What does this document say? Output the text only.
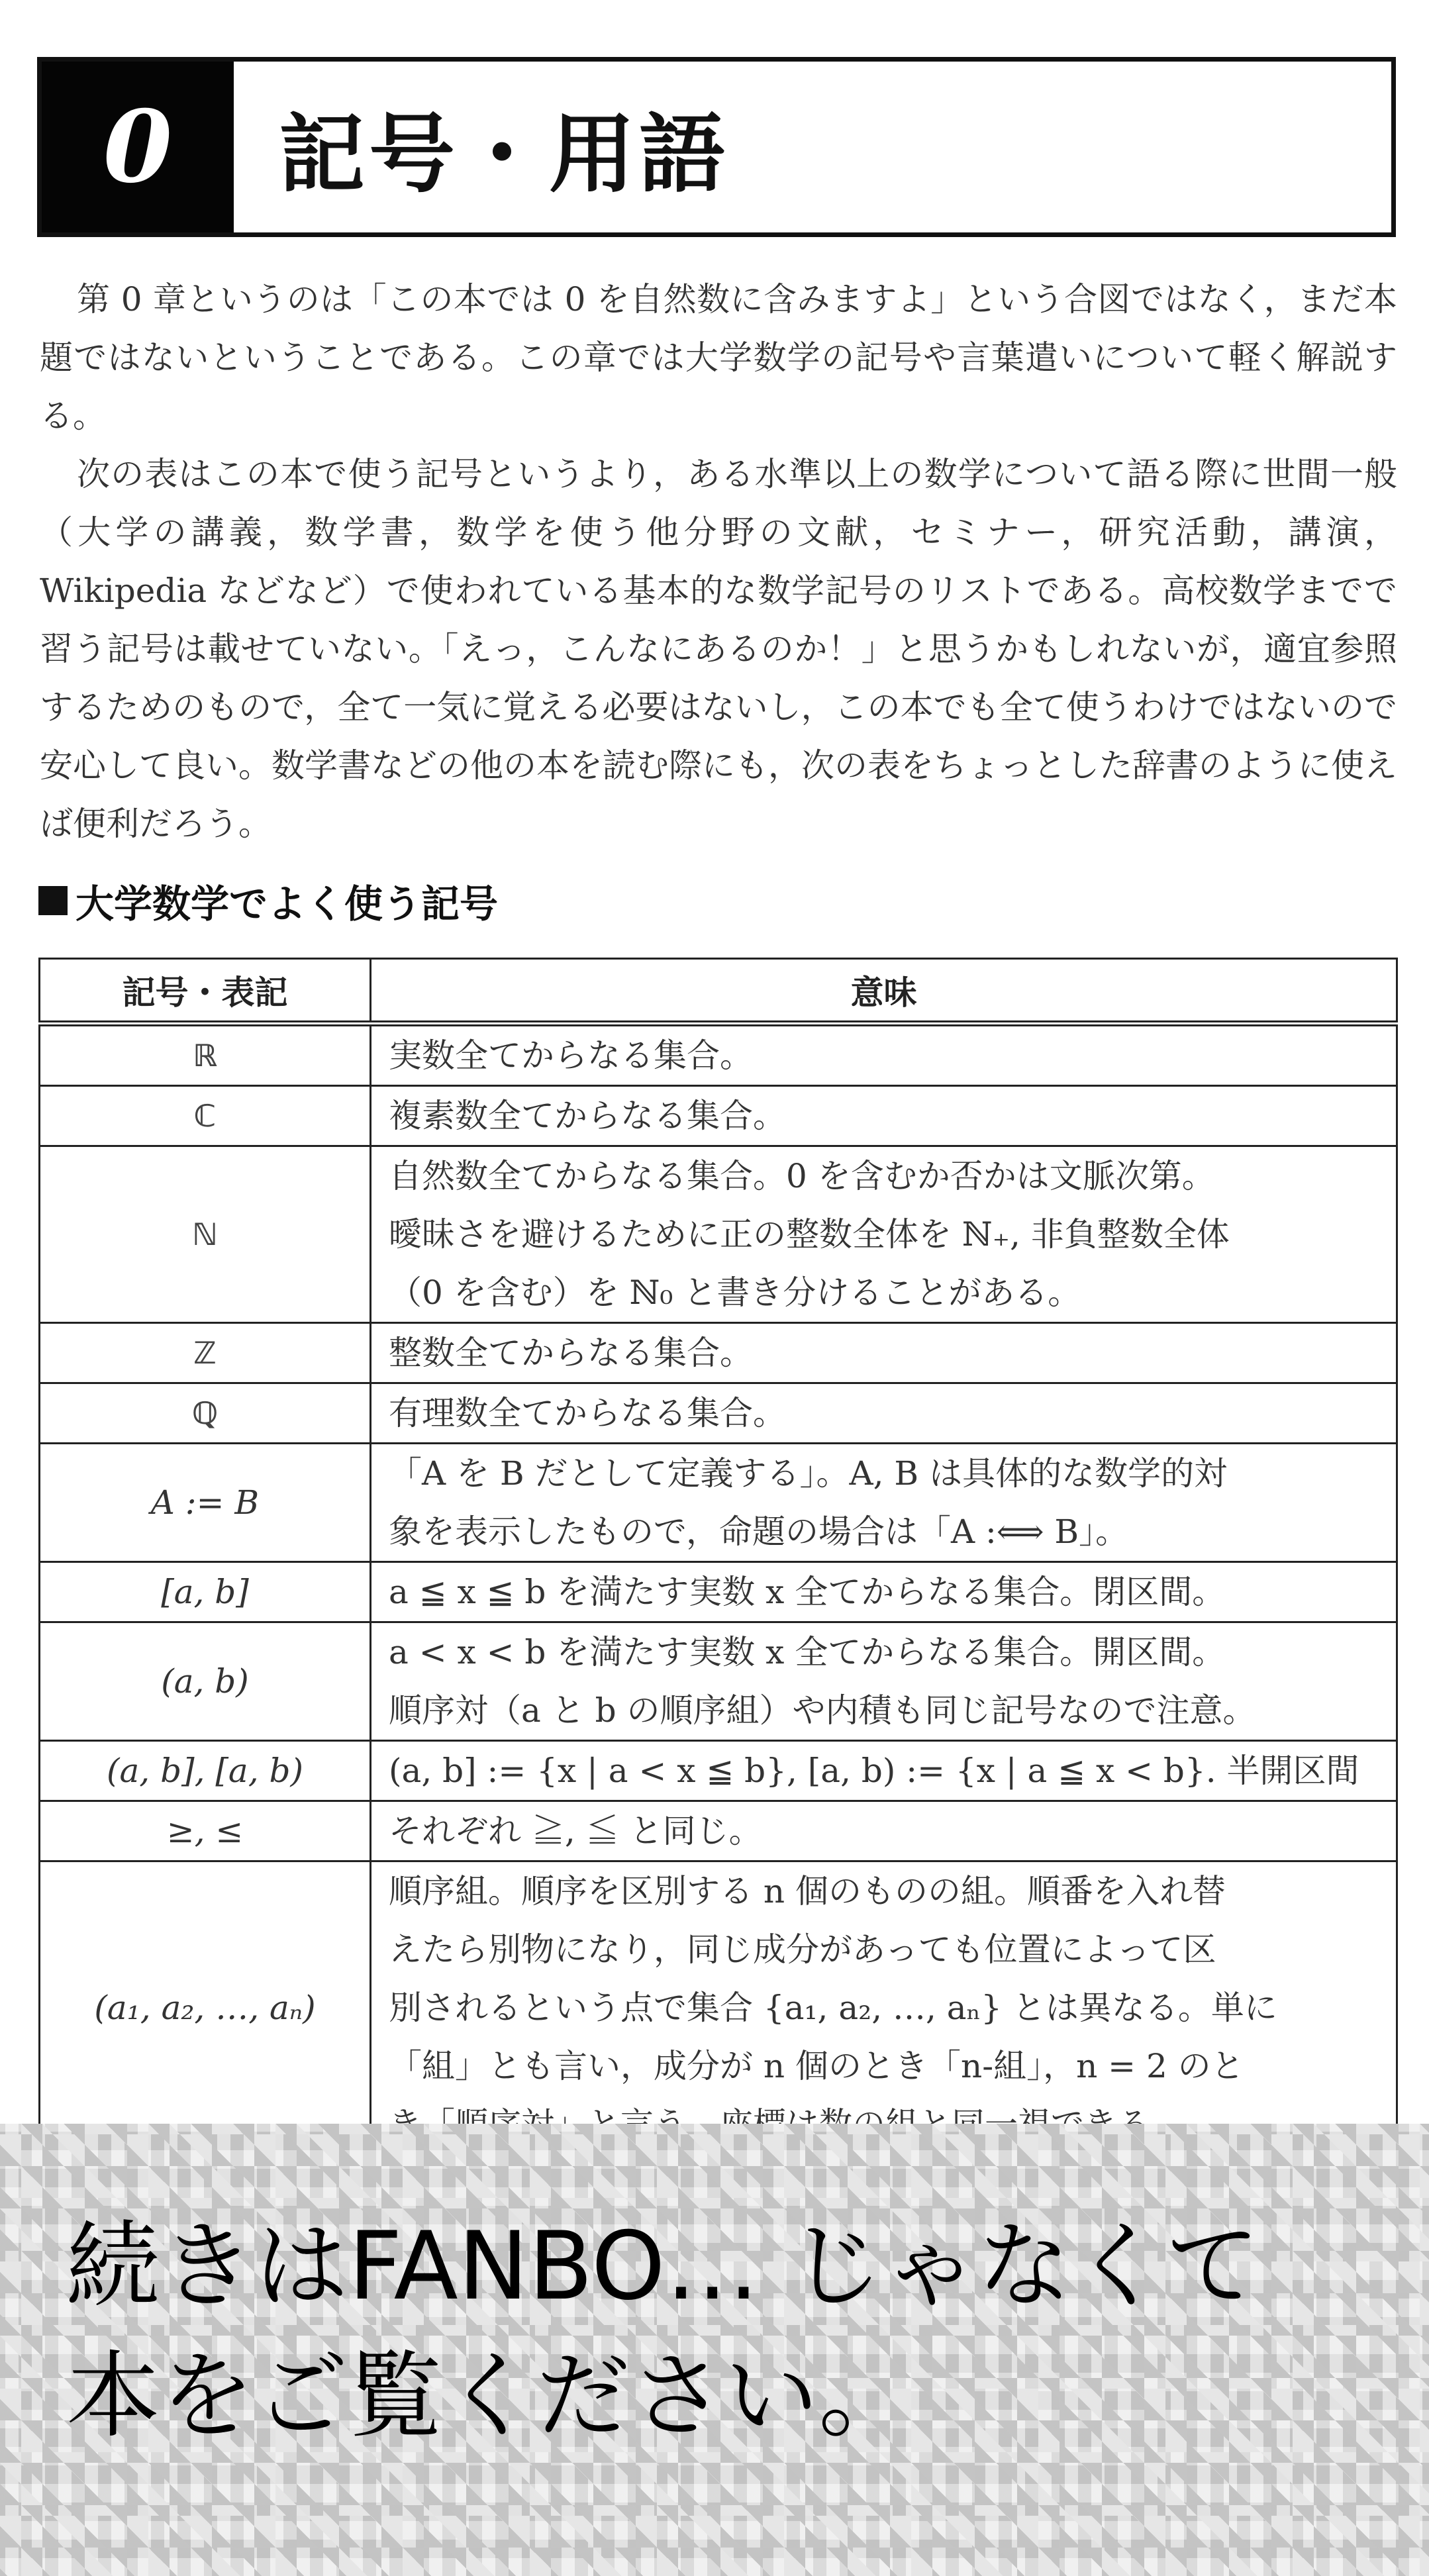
0	記号・用語

第 0 章というのは「この本では 0 を自然数に含みますよ」という合図ではなく，まだ本題ではないということである。この章では大学数学の記号や言葉遣いについて軽く解説する。

次の表はこの本で使う記号というより，ある水準以上の数学について語る際に世間一般（大学の講義，数学書，数学を使う他分野の文献，セミナー，研究活動，講演，Wikipedia などなど）で使われている基本的な数学記号のリストである。高校数学までで習う記号は載せていない。「えっ，こんなにあるのか！」と思うかもしれないが，適宜参照するためのもので，全て一気に覚える必要はないし，この本でも全て使うわけではないので安心して良い。数学書などの他の本を読む際にも，次の表をちょっとした辞書のように使えば便利だろう。

大学数学でよく使う記号
記号・表記	意味
ℝ	実数全てからなる集合。
ℂ	複素数全てからなる集合。
ℕ	自然数全てからなる集合。0 を含むか否かは文脈次第。
曖昧さを避けるために正の整数全体を ℕ₊, 非負整数全体
（0 を含む）を ℕ₀ と書き分けることがある。
ℤ	整数全てからなる集合。
ℚ	有理数全てからなる集合。
A := B	「A を B だとして定義する」。A, B は具体的な数学的対
象を表示したもので，命題の場合は「A :⟺ B」。
[a, b]	a ≦ x ≦ b を満たす実数 x 全てからなる集合。閉区間。
(a, b)	a < x < b を満たす実数 x 全てからなる集合。開区間。
順序対（a と b の順序組）や内積も同じ記号なので注意。
(a, b], [a, b)	(a, b] := {x | a < x ≦ b}, [a, b) := {x | a ≦ x < b}. 半開区間
≥, ≤	それぞれ ≧, ≦ と同じ。
(a₁, a₂, …, aₙ)	順序組。順序を区別する n 個のものの組。順番を入れ替
えたら別物になり，同じ成分があっても位置によって区
別されるという点で集合 {a₁, a₂, …, aₙ} とは異なる。単に
「組」とも言い，成分が n 個のとき「n-組」，n = 2 のと

続きはFANBO… じゃなくて
本をご覧ください。
